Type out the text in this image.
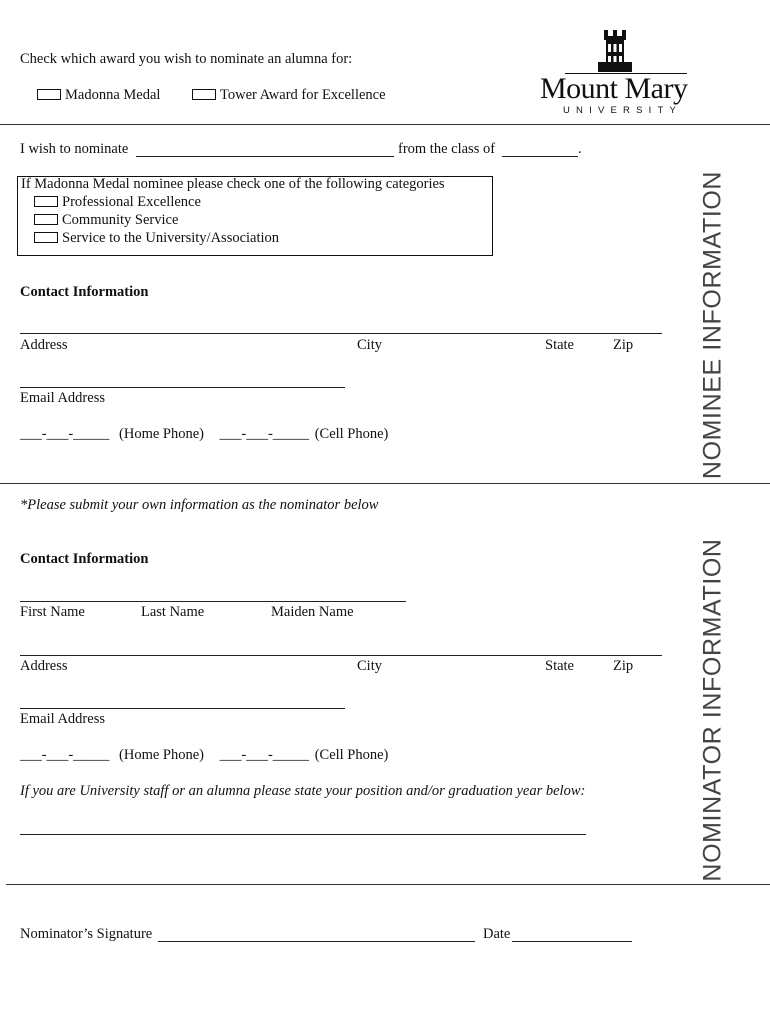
Check which award you wish to nominate an alumna for:
Madonna Medal	Tower Award for Excellence	Mount Mary
UNIVERSITY
NOMINEE INFORMATION
I wish to nominate	from the class of	.
If Madonna Medal nominee please check one of the following categories
Professional Excellence
Community Service
Service to the University/Association
Contact Information
Address	City	State	Zip
Email Address
___-___-_____ (Home Phone) ___-___-_____ (Cell Phone)
NOMINATOR INFORMATION
*Please submit your own information as the nominator below
Contact Information
First Name	Last Name	Maiden Name
Address	City	State	Zip
Email Address
___-___-_____ (Home Phone) ___-___-_____ (Cell Phone)
If you are University staff or an alumna please state your position and/or graduation year below:
Nominator’s Signature	Date
